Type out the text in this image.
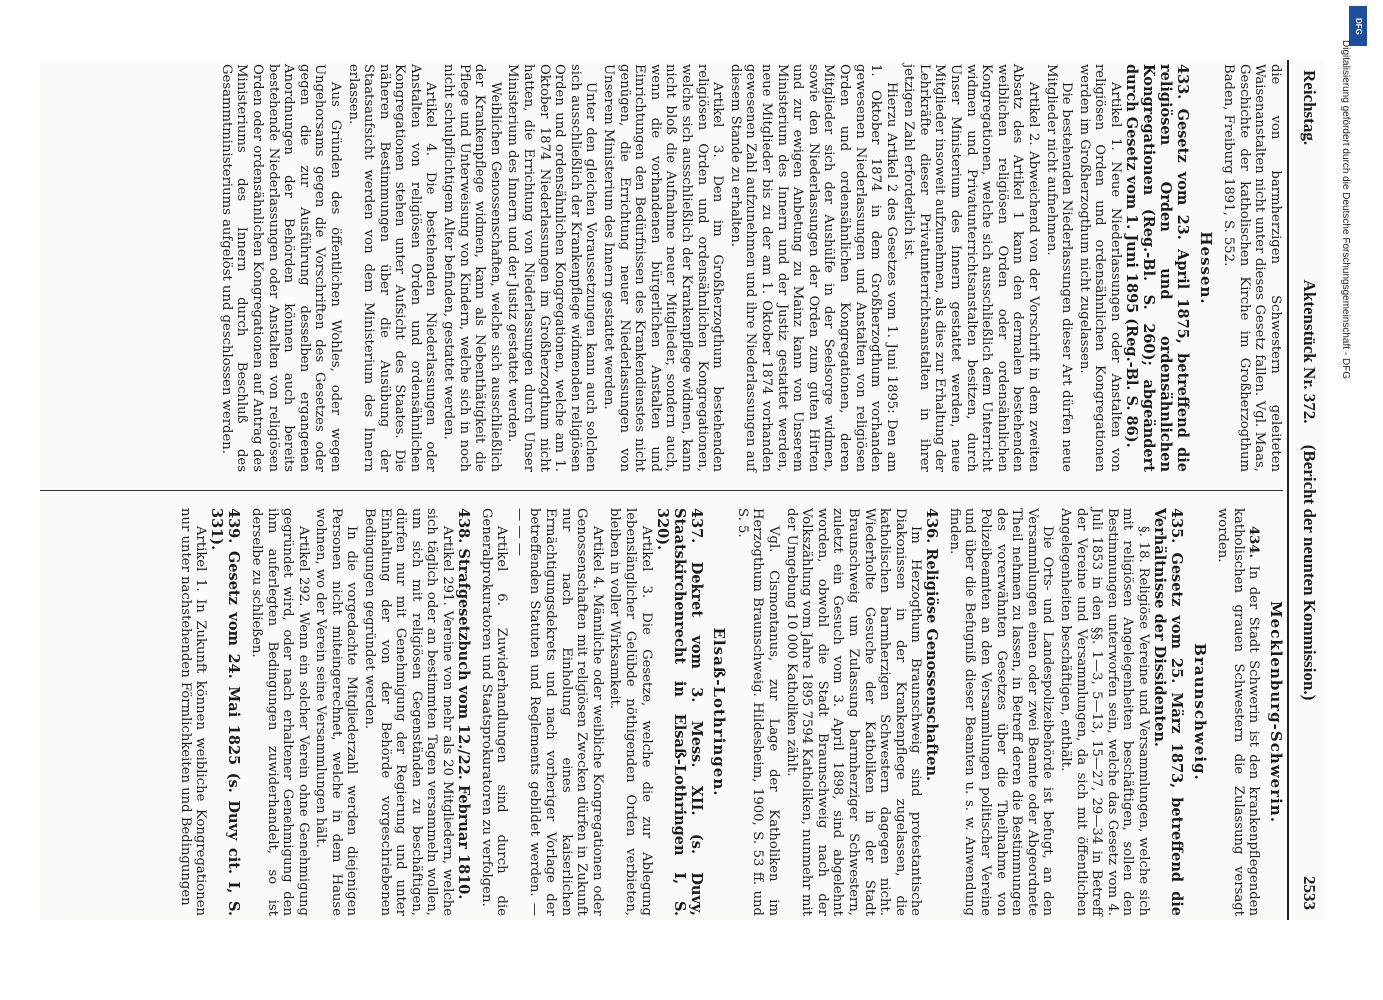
Reichstag.
Aktenstück Nr. 372.     (Bericht der neunten Kommission.)
2533

die von barmherzigen Schwestern geleiteten Waisenanstalten nicht unter dieses Gesetz fallen. Vgl. Maas, Geschichte der katholischen Kirche im Großherzogthum Baden, Freiburg 1891, S. 552.

Hessen.
433. Gesetz vom 23. April 1875, betreffend die religiösen Orden und ordensähnlichen Kongregationen (Reg.-Bl. S. 260); abgeändert durch Gesetz vom 1. Juni 1895 (Reg.-Bl. S. 86).

Artikel 1. Neue Niederlassungen oder Anstalten von religiösen Orden und ordensähnlichen Kongregationen werden im Großherzogthum nicht zugelassen.

Die bestehenden Niederlassungen dieser Art dürfen neue Mitglieder nicht aufnehmen.

Artikel 2. Abweichend von der Vorschrift in dem zweiten Absatz des Artikel 1 kann den dermalen bestehenden weiblichen religiösen Orden oder ordensähnlichen Kongregationen, welche sich ausschließlich dem Unterricht widmen und Privatunterrichtsanstalten besitzen, durch Unser Ministerium des Innern gestattet werden, neue Mitglieder insoweit aufzunehmen, als dies zur Erhaltung der Lehrkräfte dieser Privatunterrichtsanstalten in ihrer jetzigen Zahl erforderlich ist.

Hierzu Artikel 2 des Gesetzes vom 1. Juni 1895: Den am 1. Oktober 1874 in dem Großherzogthum vorhanden gewesenen Niederlassungen und Anstalten von religiösen Orden und ordensähnlichen Kongregationen, deren Mitglieder sich der Aushülfe in der Seelsorge widmen, sowie den Niederlassungen der Orden zum guten Hirten und zur ewigen Anbetung zu Mainz kann von Unserem Ministerium des Innern und der Justiz gestattet werden, neue Mitglieder bis zu der am 1. Oktober 1874 vorhanden gewesenen Zahl aufzunehmen und ihre Niederlassungen auf diesem Stande zu erhalten.

Artikel 3. Den im Großherzogthum bestehenden religiösen Orden und ordensähnlichen Kongregationen, welche sich ausschließlich der Krankenpflege widmen, kann nicht bloß die Aufnahme neuer Mitglieder, sondern auch, wenn die vorhandenen bürgerlichen Anstalten und Einrichtungen den Bedürfnissen des Krankendienstes nicht genügen, die Errichtung neuer Niederlassungen von Unserem Ministerium des Innern gestattet werden.

Unter den gleichen Voraussetzungen kann auch solchen sich ausschließlich der Krankenpflege widmenden religiösen Orden und ordensähnlichen Kongregationen, welche am 1. Oktober 1874 Niederlassungen im Großherzogthum nicht hatten, die Errichtung von Niederlassungen durch Unser Ministerium des Innern und der Justiz gestattet werden.

Weiblichen Genossenschaften, welche sich ausschließlich der Krankenpflege widmen, kann als Nebenthätigkeit die Pflege und Unterweisung von Kindern, welche sich in noch nicht schulpflichtigem Alter befinden, gestattet werden.

Artikel 4. Die bestehenden Niederlassungen oder Anstalten von religiösen Orden und ordensähnlichen Kongregationen stehen unter Aufsicht des Staates. Die näheren Bestimmungen über die Ausübung der Staatsaufsicht werden von dem Ministerium des Innern erlassen.

Aus Gründen des öffentlichen Wohles, oder wegen Ungehorsams gegen die Vorschriften des Gesetzes oder gegen die zur Ausführung desselben ergangenen Anordnungen der Behörden können auch bereits bestehende Niederlassungen oder Anstalten von religiösen Orden oder ordensähnlichen Kongregationen auf Antrag des Ministeriums des Innern durch Beschluß des Gesammtministeriums aufgelöst und geschlossen werden.

Mecklenburg-Schwerin.

434. In der Stadt Schwerin ist den krankenpflegenden katholischen grauen Schwestern die Zulassung versagt worden.

Braunschweig.
435. Gesetz vom 25. März 1873, betreffend die Verhältnisse der Dissidenten.

§. 18. Religiöse Vereine und Versammlungen, welche sich mit religiösen Angelegenheiten beschäftigen, sollen den Bestimmungen unterworfen sein, welche das Gesetz vom 4. Juli 1853 in den §§. 1—3, 5—13, 15—27, 29—34 in Betreff der Vereine und Versammlungen, da sich mit öffentlichen Angelegenheiten beschäftigen, enthält.

Die Orts- und Landespolizeibehörde ist befugt, an den Versammlungen einen oder zwei Beamte oder Abgeordnete Theil nehmen zu lassen, in Betreff deren die Bestimmungen des vorerwähnten Gesetzes über die Theilnahme von Polizeibeamten an den Versammlungen politischer Vereine und über die Befugniß dieser Beamten u. s. w. Anwendung finden.

436. Religiöse Genossenschaften.

Im Herzogthum Braunschweig sind protestantische Diakonissen in der Krankenpflege zugelassen, die katholischen barmherzigen Schwestern dagegen nicht. Wiederholte Gesuche der Katholiken in der Stadt Braunschweig um Zulassung barmherziger Schwestern, zuletzt ein Gesuch vom 3. April 1898, sind abgelehnt worden, obwohl die Stadt Braunschweig nach der Volkszählung vom Jahre 1895 7594 Katholiken, nunmehr mit der Umgebung 10 000 Katholiken zählt.

Vgl. Cismontanus, zur Lage der Katholiken im Herzogthum Braunschweig. Hildesheim, 1900, S. 53 ff. und S. 5.

Elsaß-Lothringen.
437. Dekret vom 3. Mess. XII. (s. Duvy, Staatskirchenrecht in Elsaß-Lothringen I, S. 320).

Artikel 3. Die Gesetze, welche die zur Ablegung lebenslänglicher Gelübde nöthigenden Orden verbieten, bleiben in voller Wirksamkeit.

Artikel 4. Männliche oder weibliche Kongregationen oder Genossenschaften mit religiösen Zwecken dürfen in Zukunft nur nach Einholung eines kaiserlichen Ermächtigungsdekrets und nach vorheriger Vorlage der betreffenden Statuten und Reglements gebildet werden. — — — —

Artikel 6. Zuwiderhandlungen sind durch die Generalprokuratoren und Staatsprokuratoren zu verfolgen.

438. Strafgesetzbuch vom 12./22. Februar 1810.

Artikel 291. Vereine von mehr als 20 Mitgliedern, welche sich täglich oder an bestimmten Tagen versammeln wollen, um sich mit religiösen Gegenständen zu beschäftigen, dürfen nur mit Genehmigung der Regierung und unter Einhaltung der von der Behörde vorgeschriebenen Bedingungen gegründet werden.

In die vorgedachte Mitgliederzahl werden diejenigen Personen nicht miteingerechnet, welche in dem Hause wohnen, wo der Verein seine Versammlungen hält.

Artikel 292. Wenn ein solcher Verein ohne Genehmigung gegründet wird, oder nach erhaltener Genehmigung den ihm auferlegten Bedingungen zuwiderhandelt, so ist derselbe zu schließen.

439. Gesetz vom 24. Mai 1825 (s. Duvy cit. I, S. 331).

Artikel 1. In Zukunft können weibliche Kongregationen nur unter nachstehenden Förmlichkeiten und Bedingungen

DFG
Digitalisierung gefördert durch die Deutsche Forschungsgemeinschaft - DFG
